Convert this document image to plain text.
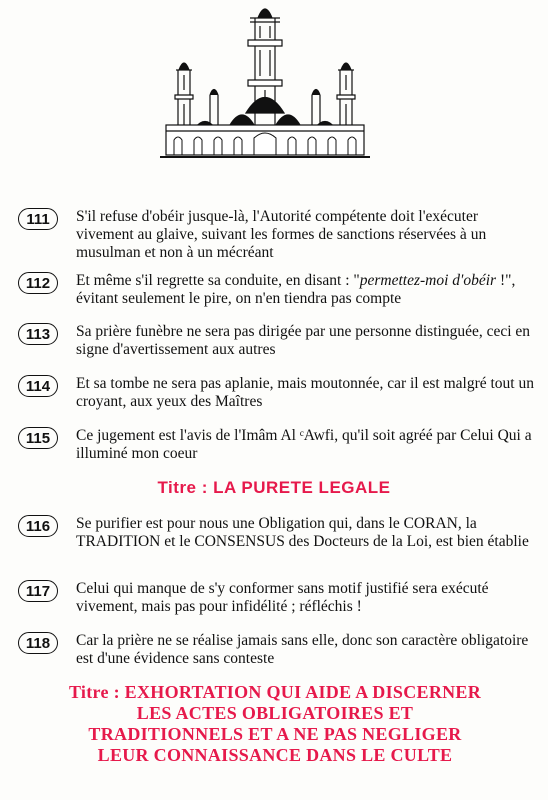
111	S'il refuse d'obéir jusque-là, l'Autorité compétente doit l'exécuter vivement au glaive, suivant les formes de sanctions réservées à un musulman et non à un mécréant
112	Et même s'il regrette sa conduite, en disant : "permettez-moi d'obéir !", évitant seulement le pire, on n'en tiendra pas compte
113	Sa prière funèbre ne sera pas dirigée par une personne distinguée, ceci en signe d'avertissement aux autres
114	Et sa tombe ne sera pas aplanie, mais moutonnée, car il est malgré tout un croyant, aux yeux des Maîtres
115	Ce jugement est l'avis de l'Imâm Al ᶜAwfi, qu'il soit agréé par Celui Qui a illuminé mon coeur
Titre : LA PURETE LEGALE
116	Se purifier est pour nous une Obligation qui, dans le CORAN, la TRADITION et le CONSENSUS des Docteurs de la Loi, est bien établie
117	Celui qui manque de s'y conformer sans motif justifié sera exécuté vivement, mais pas pour infidélité ; réfléchis !
118	Car la prière ne se réalise jamais sans elle, donc son caractère obligatoire est d'une évidence sans conteste
Titre : EXHORTATION QUI AIDE A DISCERNER
LES ACTES OBLIGATOIRES ET
TRADITIONNELS ET A NE PAS NEGLIGER
LEUR CONNAISSANCE DANS LE CULTE
